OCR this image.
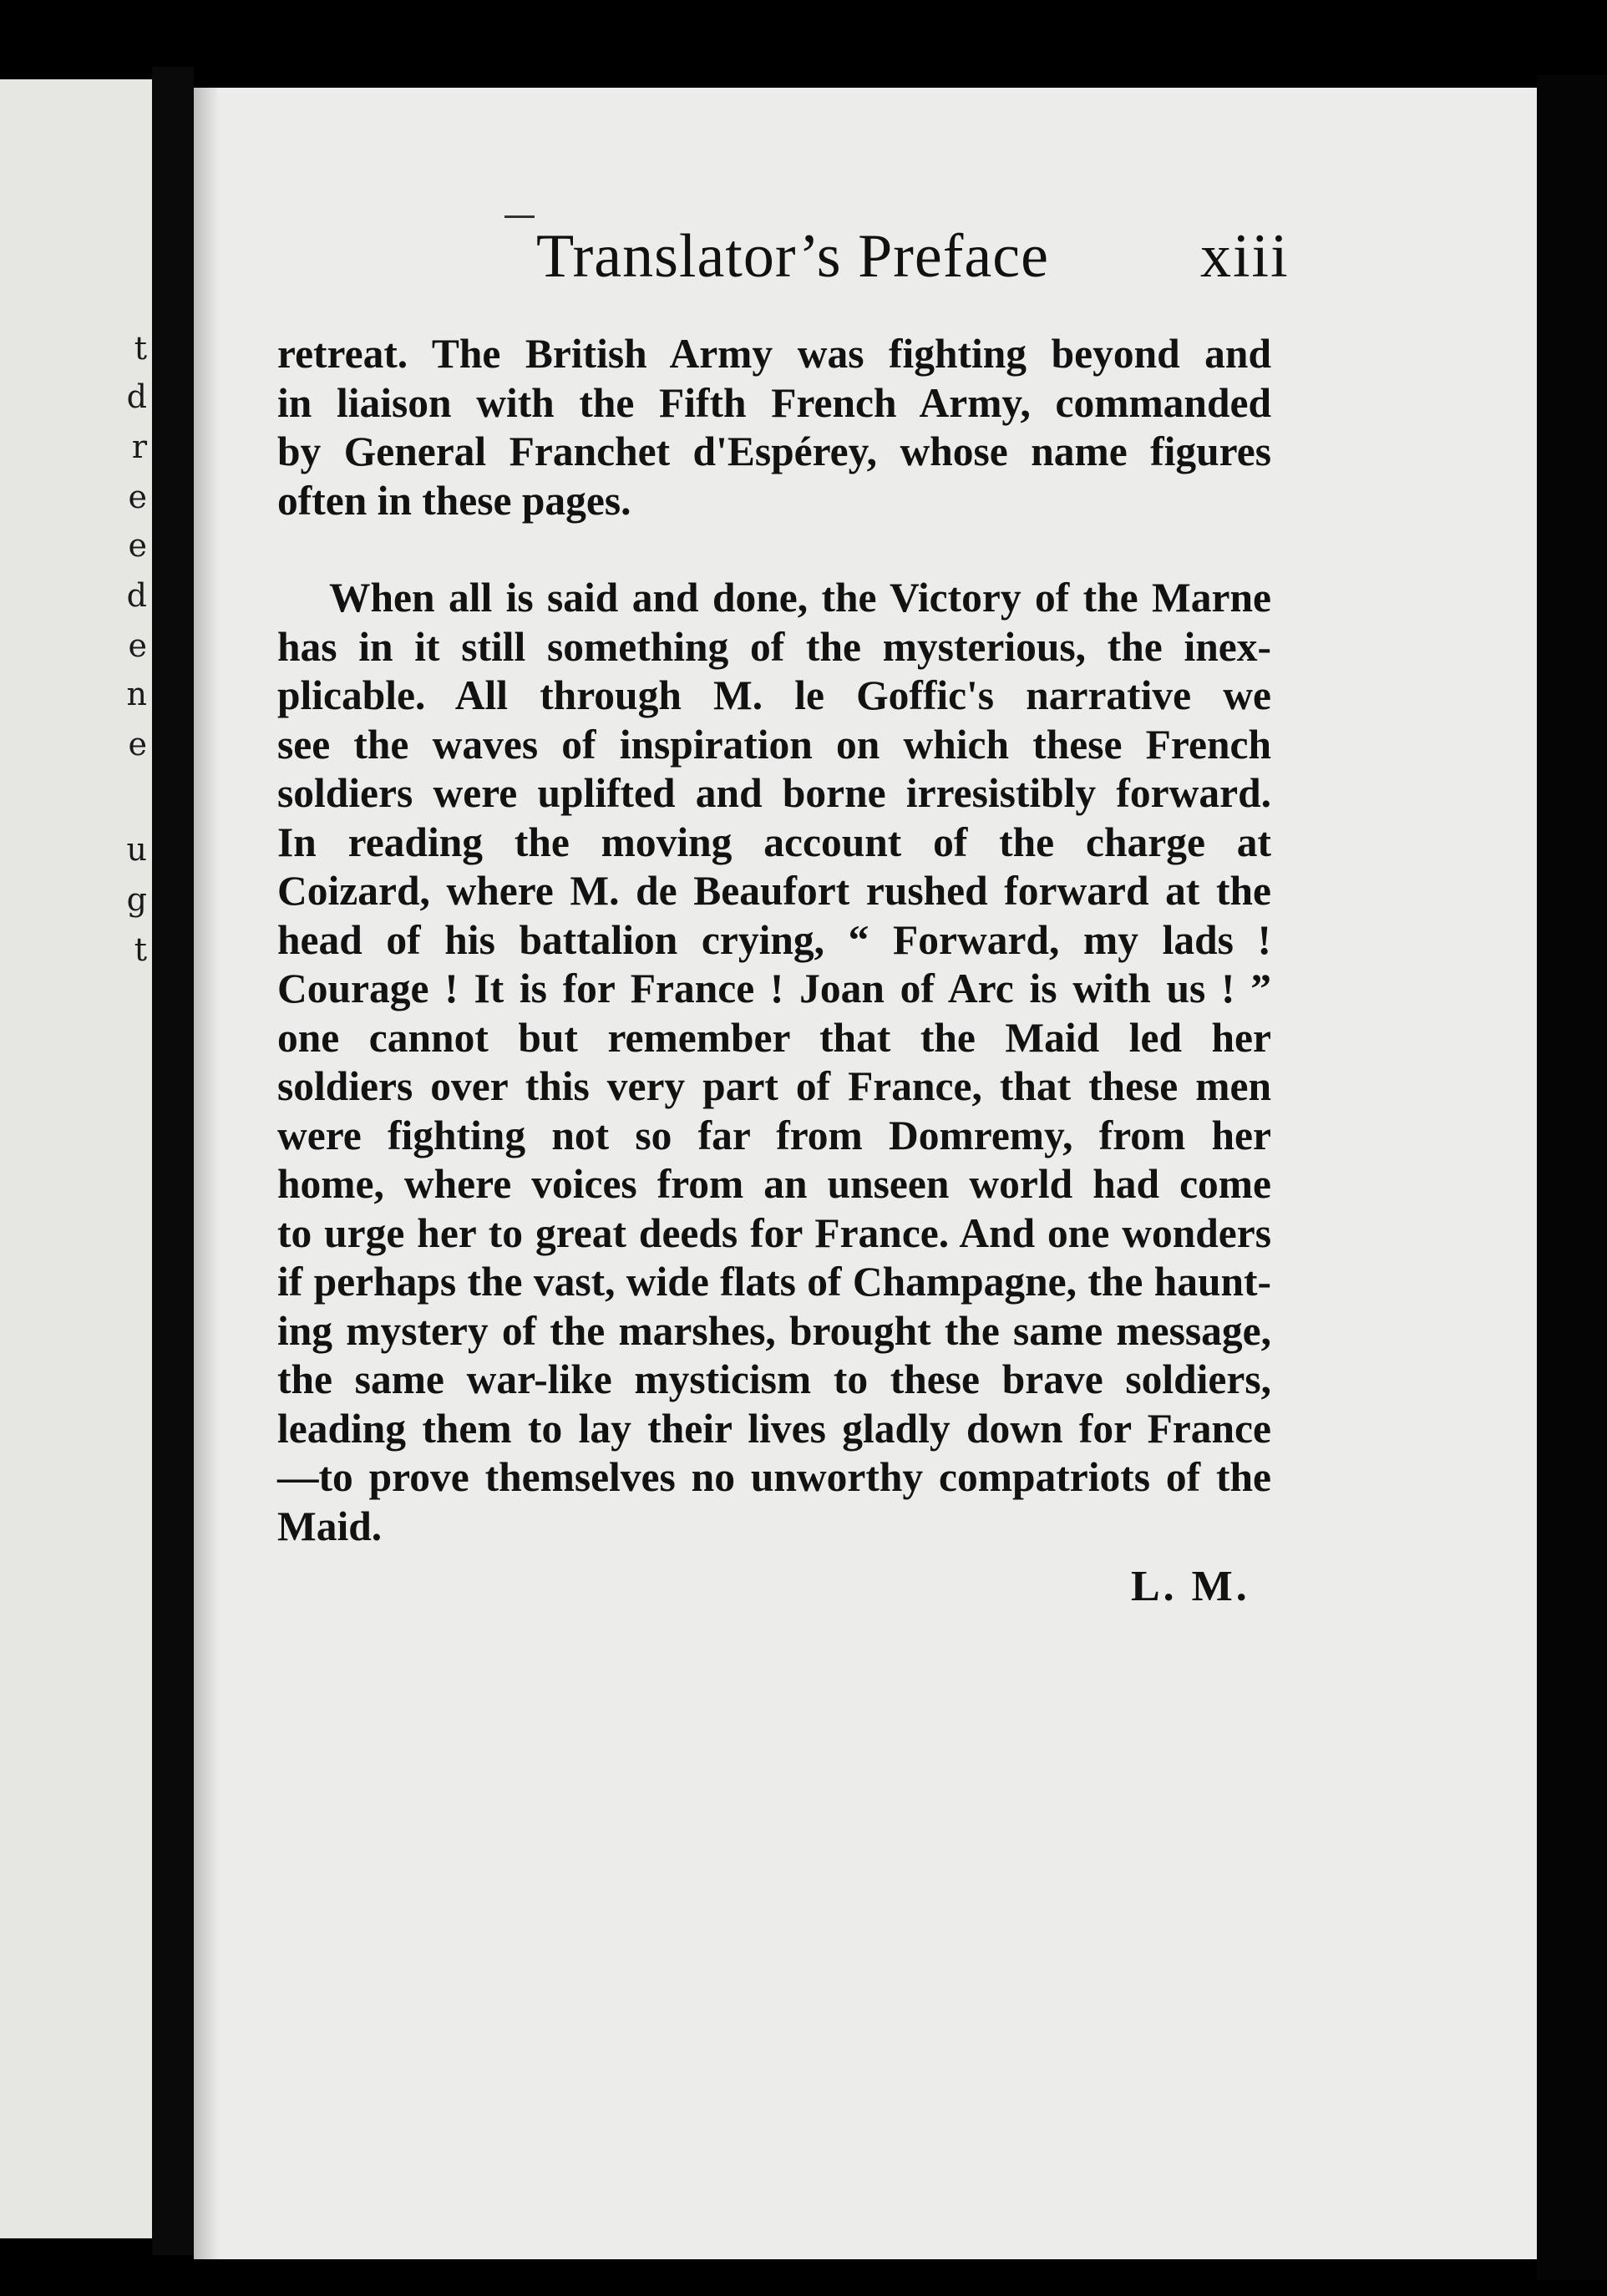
t
d
r
e
e
d
e
n
e
u
g
t
Translator’s Preface xiii

retreat. The British Army was fighting beyond and
in liaison with the Fifth French Army, commanded
by General Franchet d'Espérey, whose name figures
often in these pages.

When all is said and done, the Victory of the Marne
has in it still something of the mysterious, the inex-
plicable. All through M. le Goffic's narrative we
see the waves of inspiration on which these French
soldiers were uplifted and borne irresistibly forward.
In reading the moving account of the charge at
Coizard, where M. de Beaufort rushed forward at the
head of his battalion crying, “ Forward, my lads !
Courage ! It is for France ! Joan of Arc is with us ! ”
one cannot but remember that the Maid led her
soldiers over this very part of France, that these men
were fighting not so far from Domremy, from her
home, where voices from an unseen world had come
to urge her to great deeds for France. And one wonders
if perhaps the vast, wide flats of Champagne, the haunt-
ing mystery of the marshes, brought the same message,
the same war-like mysticism to these brave soldiers,
leading them to lay their lives gladly down for France
—to prove themselves no unworthy compatriots of the
Maid.

L. M.
